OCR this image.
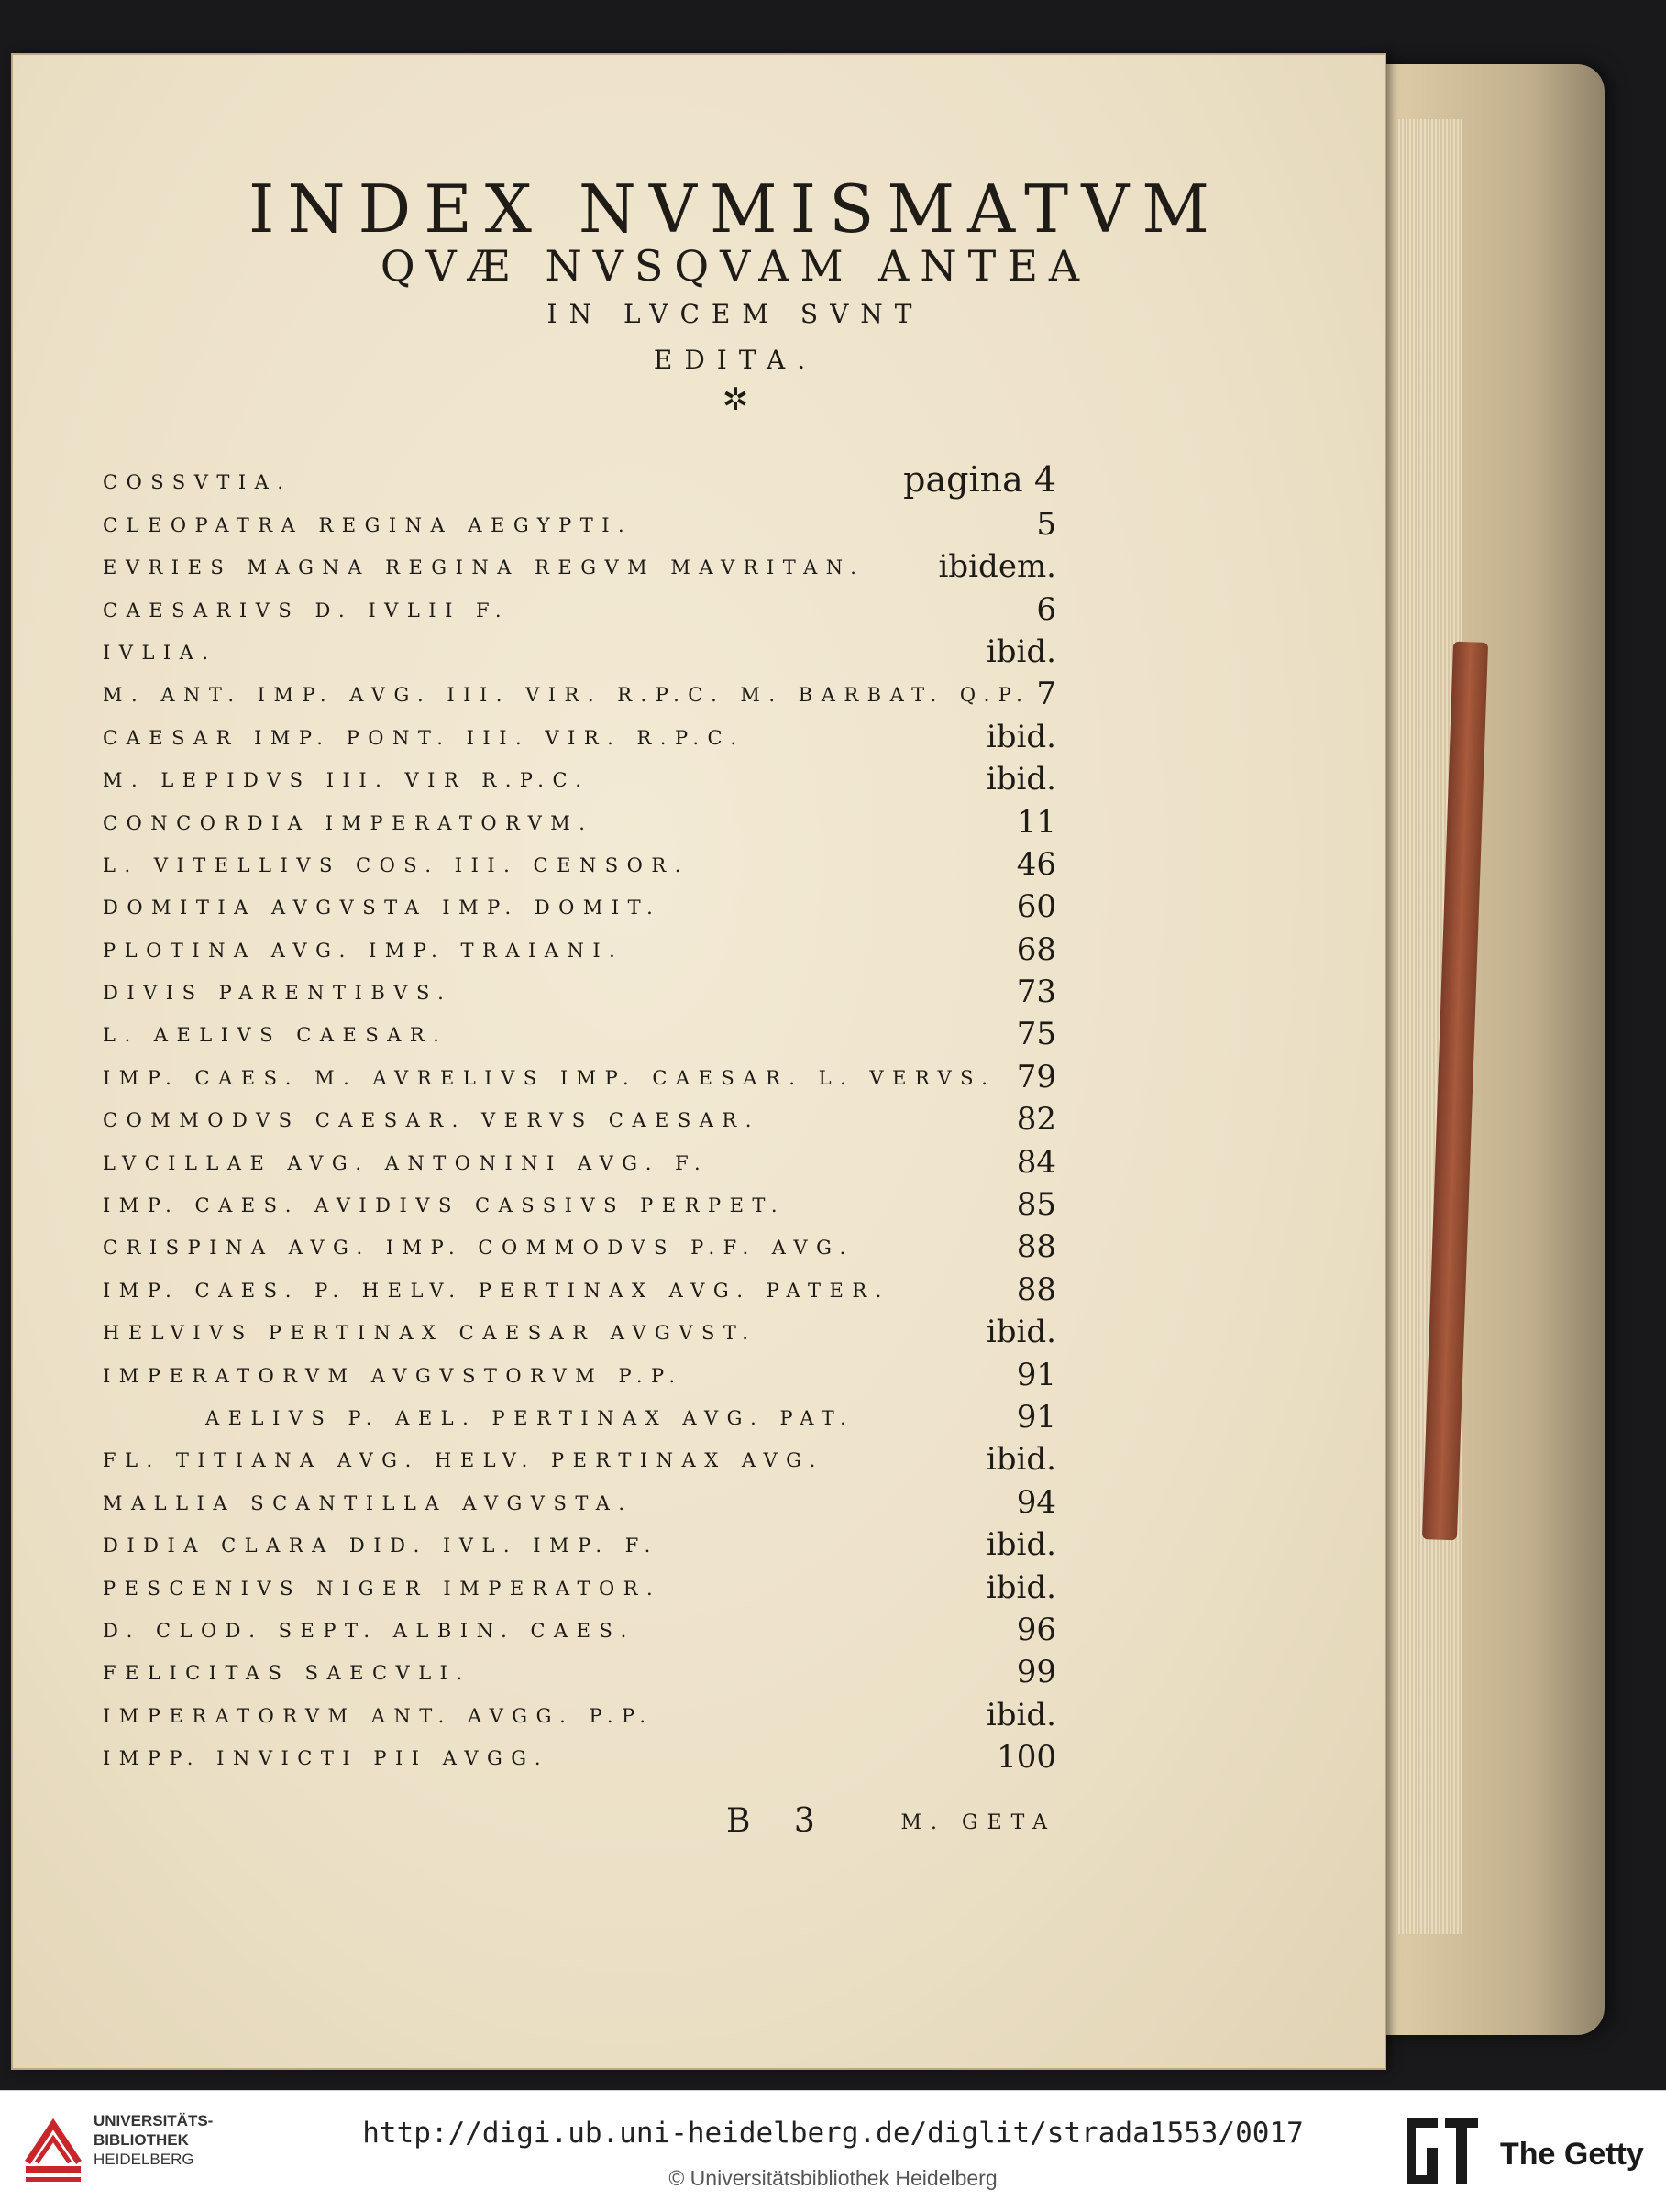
INDEX NVMISMATVM
QVÆ NVSQVAM ANTEA
IN LVCEM SVNT
EDITA.
✲
COSSVTIA.	pagina 4
CLEOPATRA REGINA AEGYPTI.	5
EVRIES MAGNA REGINA REGVM MAVRITAN. ibidem.
CAESARIVS D. IVLII F.	6
IVLIA.	ibid.
M. ANT. IMP. AVG. III. VIR. R.P.C. M. BARBAT. Q.P. 7
CAESAR IMP. PONT. III. VIR. R.P.C.	ibid.
M. LEPIDVS III. VIR R.P.C.	ibid.
CONCORDIA IMPERATORVM.	11
L. VITELLIVS COS. III. CENSOR.	46
DOMITIA AVGVSTA IMP. DOMIT.	60
PLOTINA AVG. IMP. TRAIANI.	68
DIVIS PARENTIBVS.	73
L. AELIVS CAESAR.	75
IMP. CAES. M. AVRELIVS IMP. CAESAR. L. VERVS. 79
COMMODVS CAESAR. VERVS CAESAR.	82
LVCILLAE AVG. ANTONINI AVG. F.	84
IMP. CAES. AVIDIVS CASSIVS PERPET.	85
CRISPINA AVG. IMP. COMMODVS P.F. AVG.	88
IMP. CAES. P. HELV. PERTINAX AVG. PATER.	88
HELVIVS PERTINAX CAESAR AVGVST.	ibid.
IMPERATORVM AVGVSTORVM P.P.	91
AELIVS P. AEL. PERTINAX AVG. PAT.	91
FL. TITIANA AVG. HELV. PERTINAX AVG.	ibid.
MALLIA SCANTILLA AVGVSTA.	94
DIDIA CLARA DID. IVL. IMP. F.	ibid.
PESCENIVS NIGER IMPERATOR.	ibid.
D. CLOD. SEPT. ALBIN. CAES.	96
FELICITAS SAECVLI.	99
IMPERATORVM ANT. AVGG. P.P.	ibid.
IMPP. INVICTI PII AVGG.	100
B 3	M. GETA
UNIVERSITÄTS-
BIBLIOTHEK
HEIDELBERG
http://digi.ub.uni-heidelberg.de/diglit/strada1553/0017
© Universitätsbibliothek Heidelberg
The Getty
